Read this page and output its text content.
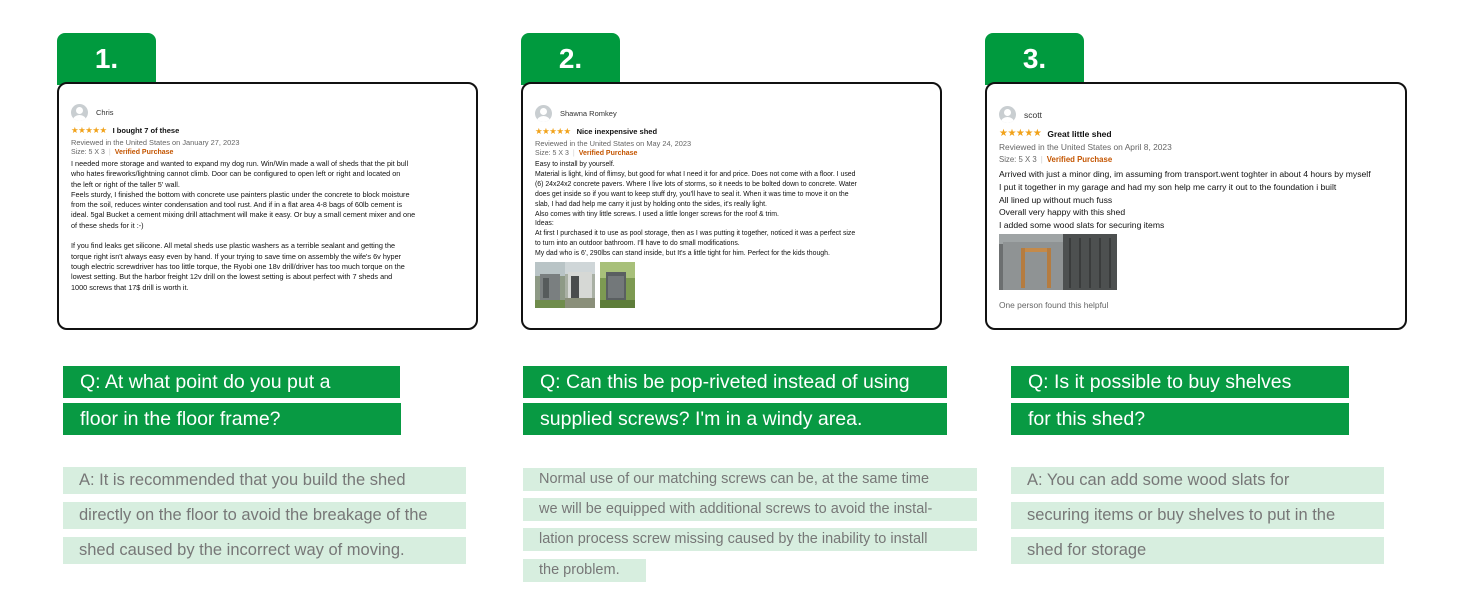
1.
Chris
★★★★★ I bought 7 of these
Reviewed in the United States on January 27, 2023
Size: 5 X 3 | Verified Purchase

I needed more storage and wanted to expand my dog run. Win/Win made a wall of sheds that the pit bull
who hates fireworks/lightning cannot climb. Door can be configured to open left or right and located on
the left or right of the taller 5' wall.
Feels sturdy, I finished the bottom with concrete use painters plastic under the concrete to block moisture
from the soil, reduces winter condensation and tool rust. And if in a flat area 4-8 bags of 60lb cement is
ideal. 5gal Bucket a cement mixing drill attachment will make it easy. Or buy a small cement mixer and one
of these sheds for it :-)

If you find leaks get silicone. All metal sheds use plastic washers as a terrible sealant and getting the
torque right isn't always easy even by hand. If your trying to save time on assembly the wife's 6v hyper
tough electric screwdriver has too little torque, the Ryobi one 18v drill/driver has too much torque on the
lowest setting. But the harbor freight 12v drill on the lowest setting is about perfect with 7 sheds and
1000 screws that 17$ drill is worth it.

Q: At what point do you put a
floor in the floor frame?
A: It is recommended that you build the shed
directly on the floor to avoid the breakage of the
shed caused by the incorrect way of moving.
2.
Shawna Romkey
★★★★★ Nice inexpensive shed
Reviewed in the United States on May 24, 2023
Size: 5 X 3 | Verified Purchase

Easy to install by yourself.
Material is light, kind of flimsy, but good for what I need it for and price. Does not come with a floor. I used
(6) 24x24x2 concrete pavers. Where I live lots of storms, so it needs to be bolted down to concrete. Water
does get inside so if you want to keep stuff dry, you'll have to seal it. When it was time to move it on the
slab, I had dad help me carry it just by holding onto the sides, it's really light.
Also comes with tiny little screws. I used a little longer screws for the roof & trim.
Ideas:
At first I purchased it to use as pool storage, then as I was putting it together, noticed it was a perfect size
to turn into an outdoor bathroom. I'll have to do small modifications.
My dad who is 6', 290lbs can stand inside, but It's a little tight for him. Perfect for the kids though.

Q: Can this be pop-riveted instead of using
supplied screws? I'm in a windy area.
Normal use of our matching screws can be, at the same time
we will be equipped with additional screws to avoid the instal-
lation process screw missing caused by the inability to install
the problem.
3.
scott
★★★★★ Great little shed
Reviewed in the United States on April 8, 2023
Size: 5 X 3 | Verified Purchase

Arrived with just a minor ding, im assuming from transport.went toghter in about 4 hours by myself
I put it together in my garage and had my son help me carry it out to the foundation i built
All lined up without much fuss
Overall very happy with this shed
I added some wood slats for securing items

One person found this helpful
Q: Is it possible to buy shelves
for this shed?
A: You can add some wood slats for
securing items or buy shelves to put in the
shed for storage
